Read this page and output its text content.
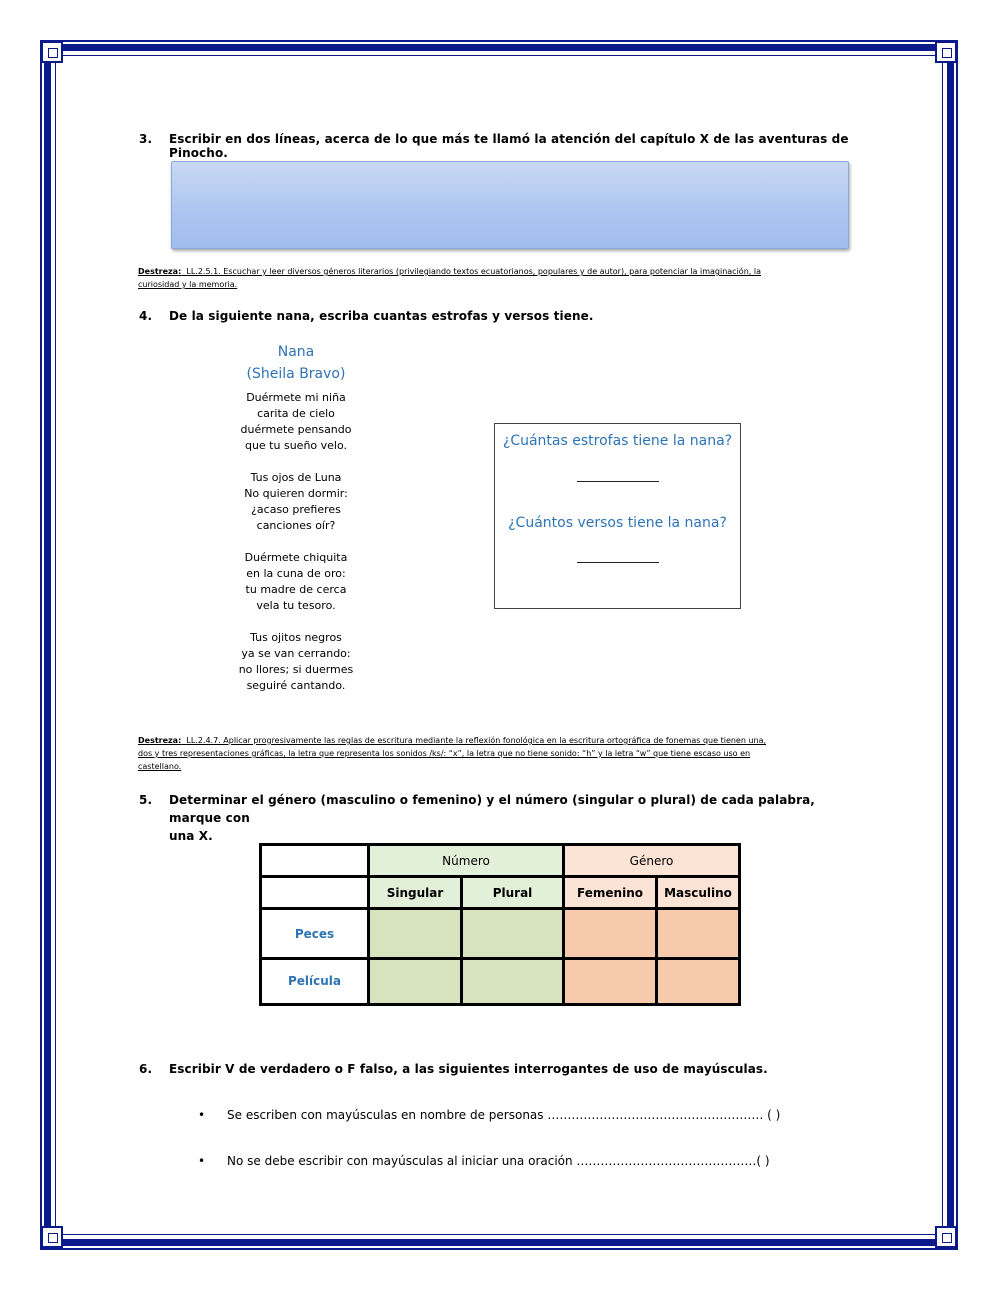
3. Escribir en dos líneas, acerca de lo que más te llamó la atención del capítulo X de las aventuras de Pinocho.
Destreza: LL.2.5.1. Escuchar y leer diversos géneros literarios (privilegiando textos ecuatorianos, populares y de autor), para potenciar la imaginación, la
curiosidad y la memoria.
4. De la siguiente nana, escriba cuantas estrofas y versos tiene.
Nana
(Sheila Bravo)
Duérmete mi niña
carita de cielo
duérmete pensando
que tu sueño velo.
Tus ojos de Luna
No quieren dormir:
¿acaso prefieres
canciones oír?
Duérmete chiquita
en la cuna de oro:
tu madre de cerca
vela tu tesoro.
Tus ojitos negros
ya se van cerrando:
no llores; si duermes
seguiré cantando.
¿Cuántas estrofas tiene la nana?
¿Cuántos versos tiene la nana?
Destreza: LL.2.4.7. Aplicar progresivamente las reglas de escritura mediante la reflexión fonológica en la escritura ortográfica de fonemas que tienen una,
dos y tres representaciones gráficas, la letra que representa los sonidos /ks/: “x”, la letra que no tiene sonido: “h” y la letra “w” que tiene escaso uso en
castellano.
5. Determinar el género (masculino o femenino) y el número (singular o plural) de cada palabra, marque con
una X.
	Número		Género	
	Singular	Plural	Femenino	Masculino
Peces				
Película				
6. Escribir V de verdadero o F falso, a las siguientes interrogantes de uso de mayúsculas.
• Se escriben con mayúsculas en nombre de personas ……………………………………………… ( )
• No se debe escribir con mayúsculas al iniciar una oración ………………………………………( )
